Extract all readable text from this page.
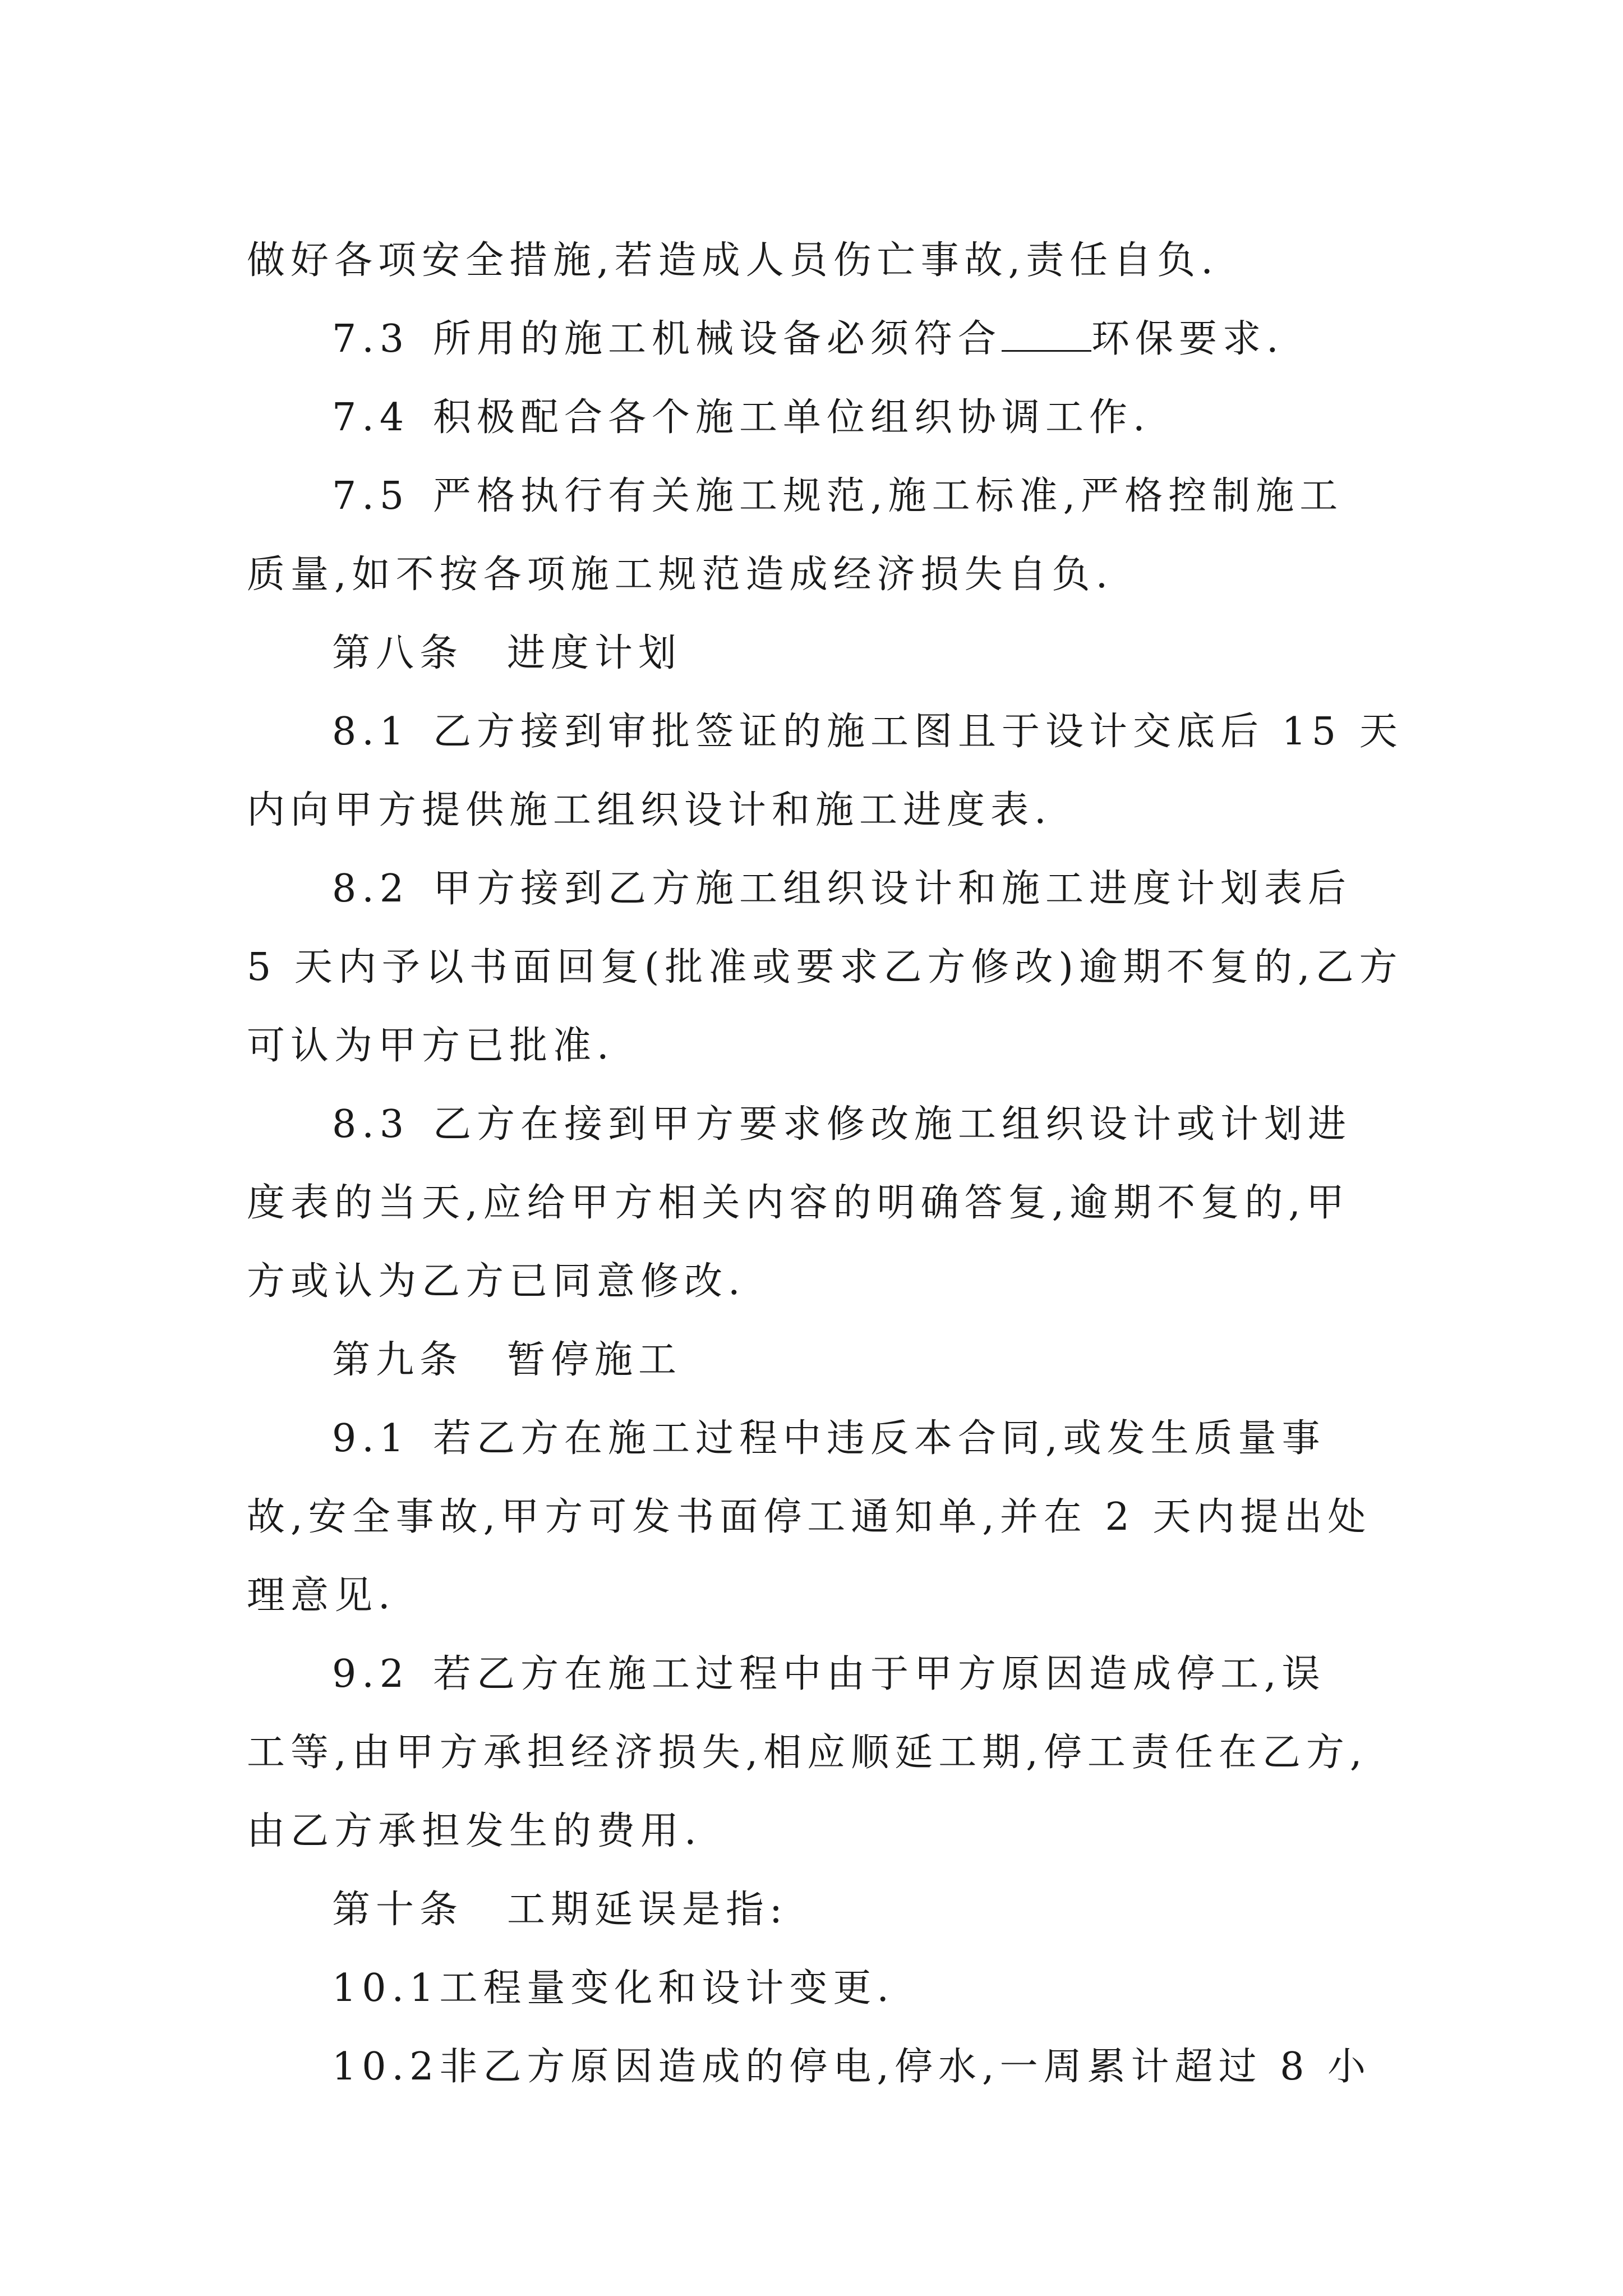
做好各项安全措施,若造成人员伤亡事故,责任自负.
7.3 所用的施工机械设备必须符合 环保要求.
7.4 积极配合各个施工单位组织协调工作.
7.5 严格执行有关施工规范,施工标准,严格控制施工
质量,如不按各项施工规范造成经济损失自负.
第八条　进度计划
8.1 乙方接到审批签证的施工图且于设计交底后 15 天
内向甲方提供施工组织设计和施工进度表.
8.2 甲方接到乙方施工组织设计和施工进度计划表后
5 天内予以书面回复(批准或要求乙方修改)逾期不复的,乙方
可认为甲方已批准.
8.3 乙方在接到甲方要求修改施工组织设计或计划进
度表的当天,应给甲方相关内容的明确答复,逾期不复的,甲
方或认为乙方已同意修改.
第九条　暂停施工
9.1 若乙方在施工过程中违反本合同,或发生质量事
故,安全事故,甲方可发书面停工通知单,并在 2 天内提出处
理意见.
9.2 若乙方在施工过程中由于甲方原因造成停工,误
工等,由甲方承担经济损失,相应顺延工期,停工责任在乙方,
由乙方承担发生的费用.
第十条　工期延误是指:
10.1工程量变化和设计变更.
10.2非乙方原因造成的停电,停水,一周累计超过 8 小
